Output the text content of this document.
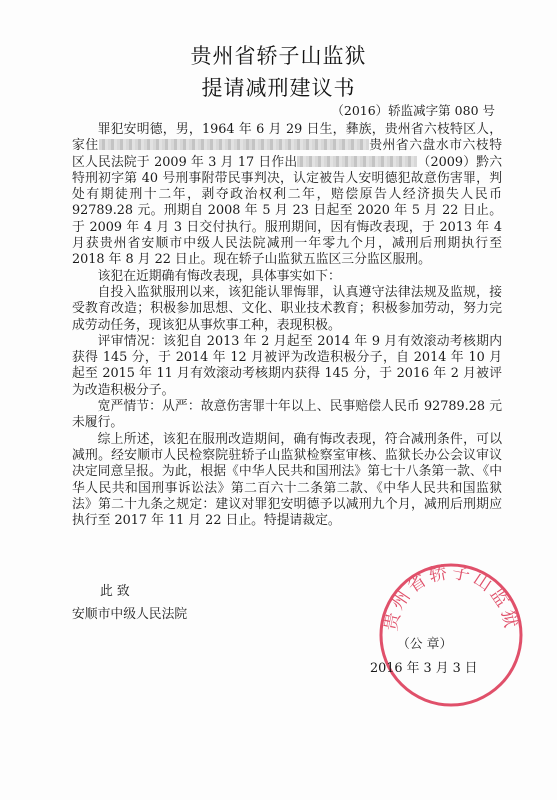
贵州省轿子山监狱
提请减刑建议书
（2016）轿监减字第 080 号

罪犯安明德，男，1964 年 6 月 29 日生，彝族，贵州省六枝特区人，家住	贵州省六盘水市六枝特区人民法院于 2009 年 3 月 17 日作出	（2009）黔六特刑初字第 40 号刑事附带民事判决，认定被告人安明德犯故意伤害罪，判处有期徒刑十二年，剥夺政治权利二年，赔偿原告人经济损失人民币 92789.28 元。刑期自 2008 年 5 月 23 日起至 2020 年 5 月 22 日止。于 2009 年 4 月 3 日交付执行。服刑期间，因有悔改表现，于 2013 年 4 月获贵州省安顺市中级人民法院减刑一年零九个月，减刑后刑期执行至 2018 年 8 月 22 日止。现在轿子山监狱五监区三分监区服刑。

该犯在近期确有悔改表现，具体事实如下：

自投入监狱服刑以来，该犯能认罪悔罪，认真遵守法律法规及监规，接受教育改造；积极参加思想、文化、职业技术教育；积极参加劳动，努力完成劳动任务，现该犯从事炊事工种，表现积极。

评审情况：该犯自 2013 年 2 月起至 2014 年 9 月有效滚动考核期内获得 145 分，于 2014 年 12 月被评为改造积极分子，自 2014 年 10 月起至 2015 年 11 月有效滚动考核期内获得 145 分，于 2016 年 2 月被评为改造积极分子。

宽严情节：从严：故意伤害罪十年以上、民事赔偿人民币 92789.28 元未履行。

综上所述，该犯在服刑改造期间，确有悔改表现，符合减刑条件，可以减刑。经安顺市人民检察院驻轿子山监狱检察室审核、监狱长办公会议审议决定同意呈报。为此，根据《中华人民共和国刑法》第七十八条第一款、《中华人民共和国刑事诉讼法》第二百六十二条第二款、《中华人民共和国监狱法》第二十九条之规定：建议对罪犯安明德予以减刑九个月，减刑后刑期应执行至 2017 年 11 月 22 日止。特提请裁定。

此 致
安顺市中级人民法院	贵州省轿子山监狱
（公 章）
2016 年 3 月 3 日
